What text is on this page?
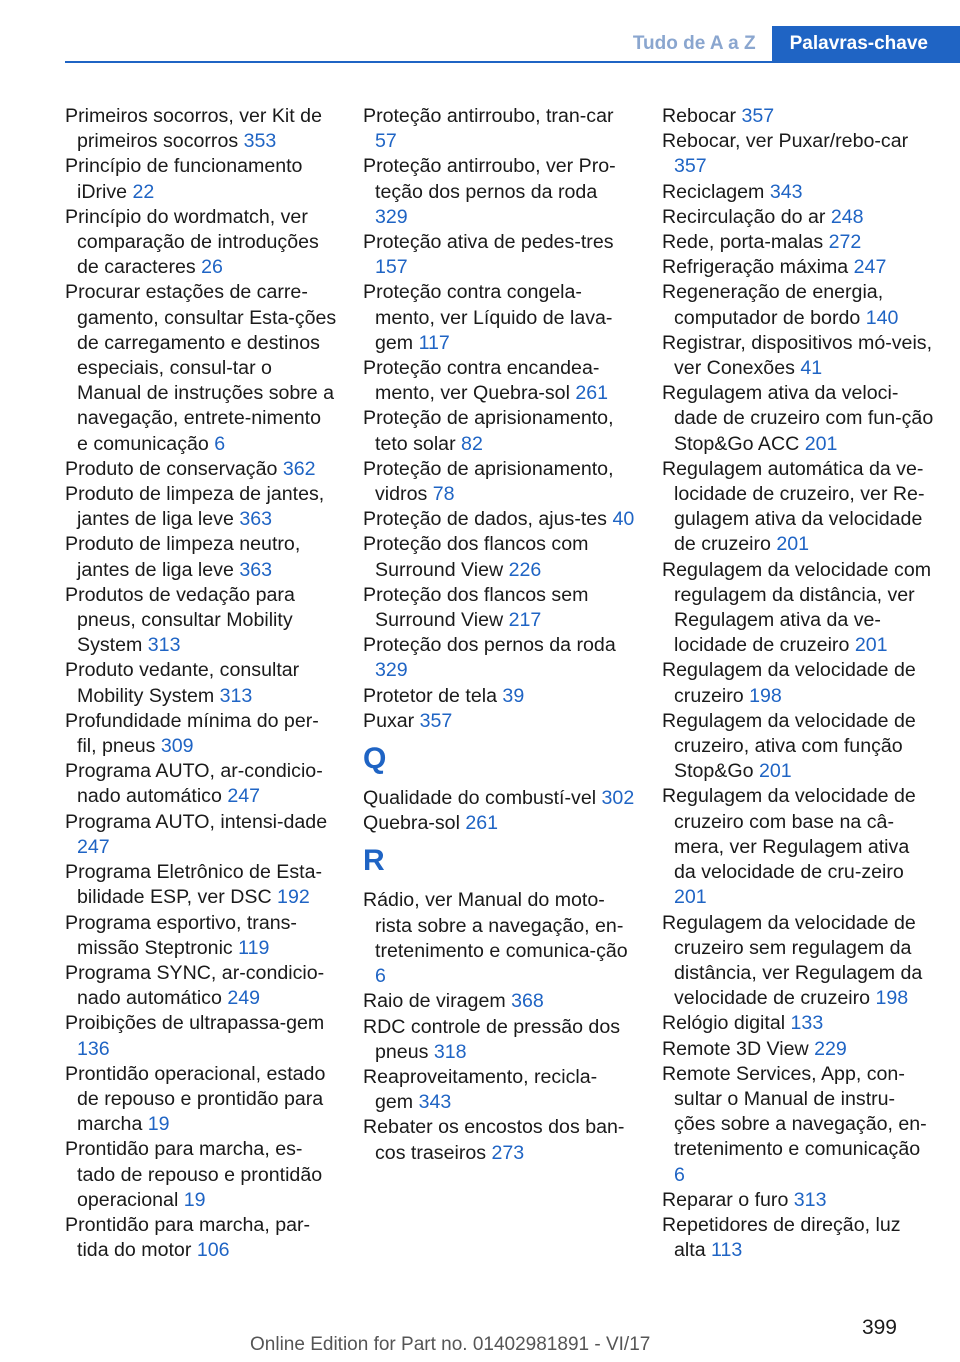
Tudo de A a Z	Palavras-chave
Primeiros socorros, ver Kit de primeiros socorros 353
Princípio de funcionamento iDrive 22
Princípio do wordmatch, ver comparação de introduções de caracteres 26
Procurar estações de carre‐gamento, consultar Esta‐ções de carregamento e destinos especiais, consul‐tar o Manual de instruções sobre a navegação, entrete‐nimento e comunicação 6
Produto de conservação 362
Produto de limpeza de jantes, jantes de liga leve 363
Produto de limpeza neutro, jantes de liga leve 363
Produtos de vedação para pneus, consultar Mobility System 313
Produto vedante, consultar Mobility System 313
Profundidade mínima do per‐fil, pneus 309
Programa AUTO, ar-condicio‐nado automático 247
Programa AUTO, intensi‐dade 247
Programa Eletrônico de Esta‐bilidade ESP, ver DSC 192
Programa esportivo, trans‐missão Steptronic 119
Programa SYNC, ar-condicio‐nado automático 249
Proibições de ultrapassa‐gem 136
Prontidão operacional, estado de repouso e prontidão para marcha 19
Prontidão para marcha, es‐tado de repouso e prontidão operacional 19
Prontidão para marcha, par‐tida do motor 106
Proteção antirroubo, tran‐car 57
Proteção antirroubo, ver Pro‐teção dos pernos da roda 329
Proteção ativa de pedes‐tres 157
Proteção contra congela‐mento, ver Líquido de lava‐gem 117
Proteção contra encandea‐mento, ver Quebra-sol 261
Proteção de aprisionamento, teto solar 82
Proteção de aprisionamento, vidros 78
Proteção de dados, ajus‐tes 40
Proteção dos flancos com Surround View 226
Proteção dos flancos sem Surround View 217
Proteção dos pernos da roda 329
Protetor de tela 39
Puxar 357
Q
Qualidade do combustí‐vel 302
Quebra-sol 261
R
Rádio, ver Manual do moto‐rista sobre a navegação, en‐tretenimento e comunica‐ção 6
Raio de viragem 368
RDC controle de pressão dos pneus 318
Reaproveitamento, recicla‐gem 343
Rebater os encostos dos ban‐cos traseiros 273
Rebocar 357
Rebocar, ver Puxar/rebo‐car 357
Reciclagem 343
Recirculação do ar 248
Rede, porta-malas 272
Refrigeração máxima 247
Regeneração de energia, computador de bordo 140
Registrar, dispositivos mó‐veis, ver Conexões 41
Regulagem ativa da veloci‐dade de cruzeiro com fun‐ção Stop&Go ACC 201
Regulagem automática da ve‐locidade de cruzeiro, ver Re‐gulagem ativa da velocidade de cruzeiro 201
Regulagem da velocidade com regulagem da distância, ver Regulagem ativa da ve‐locidade de cruzeiro 201
Regulagem da velocidade de cruzeiro 198
Regulagem da velocidade de cruzeiro, ativa com função Stop&Go 201
Regulagem da velocidade de cruzeiro com base na câ‐mera, ver Regulagem ativa da velocidade de cru‐zeiro 201
Regulagem da velocidade de cruzeiro sem regulagem da distância, ver Regulagem da velocidade de cruzeiro 198
Relógio digital 133
Remote 3D View 229
Remote Services, App, con‐sultar o Manual de instru‐ções sobre a navegação, en‐tretenimento e comunicação 6
Reparar o furo 313
Repetidores de direção, luz alta 113
399
Online Edition for Part no. 01402981891 - VI/17
